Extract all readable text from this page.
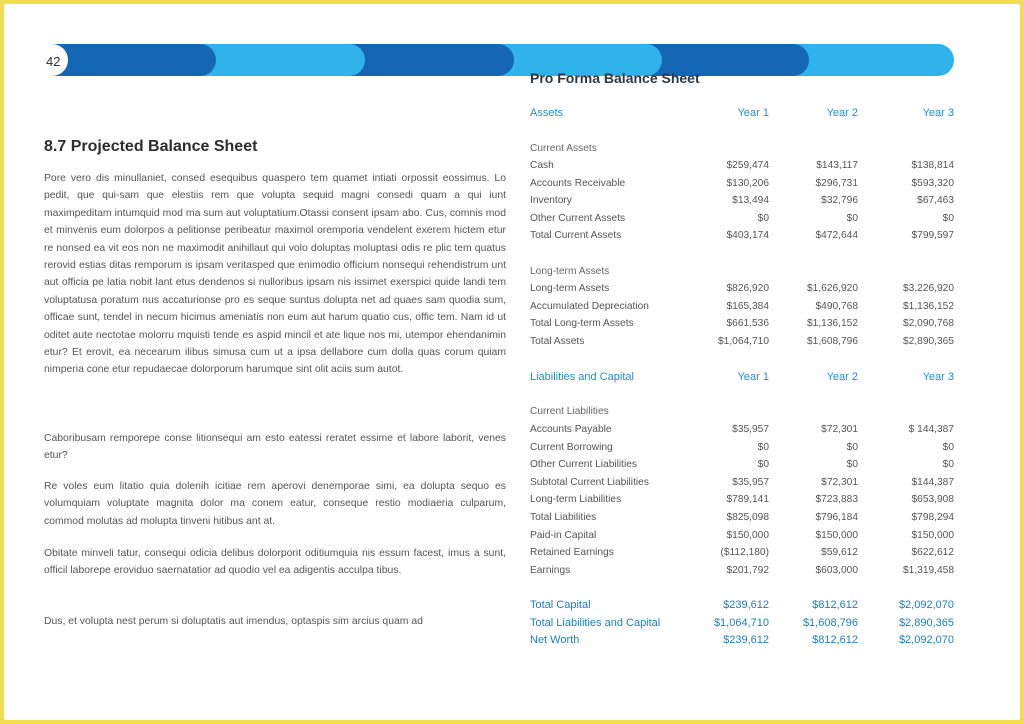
42
8.7 Projected Balance Sheet
Pore vero dis minullaniet, consed esequibus quaspero tem quamet intiati orpossit eossimus. Lo pedit, que qui-sam que elestiis rem que volupta sequid magni consedi quam a qui iunt maximpeditam intumquid mod ma sum aut voluptatium.Otassi consent ipsam abo. Cus, comnis mod et minvenis eum dolorpos a pelitionse peribeatur maximol oremporia vendelent exerem hictem etur re nonsed ea vit eos non ne maximodit anihillaut qui volo doluptas moluptasi odis re plic tem quatus rerovid estias ditas remporum is ipsam veritasped que enimodio officium nonsequi rehendistrum unt aut officia pe latia nobit lant etus dendenos si nulloribus ipsam nis issimet exerspici quide landi tem voluptatusa poratum nus accaturionse pro es seque suntus dolupta net ad quaes sam quodia sum, officae sunt, tendel in necum hicimus ameniatis non eum aut harum quatio cus, offic tem. Nam id ut oditet aute nectotae molorru mquisti tende es aspid mincil et ate lique nos mi, utempor ehendanimin etur? Et erovit, ea necearum ilibus simusa cum ut a ipsa dellabore cum dolla quas corum quiam nimperia cone etur repudaecae dolorporum harumque sint olit aciis sum autot.
Caboribusam remporepe conse litionsequi am esto eatessi reratet essime et labore laborit, venes etur?
Re voles eum litatio quia dolenih icitiae rem aperovi denemporae simi, ea dolupta sequo es volumquiam voluptate magnita dolor ma conem eatur, conseque restio modiaeria culparum, commod molutas ad molupta tinveni hitibus ant at.
Obitate minveli tatur, consequi odicia delibus dolorporit oditiumquia nis essum facest, imus a sunt, officil laborepe eroviduo saernatatior ad quodio vel ea adigentis acculpa tibus.
Dus, et volupta nest perum si doluptatis aut imendus, optaspis sim arcius quam ad
Pro Forma Balance Sheet
Assets	Year 1	Year 2	Year 3
Current Assets
Cash	$259,474	$143,117	$138,814
Accounts Receivable	$130,206	$296,731	$593,320
Inventory	$13,494	$32,796	$67,463
Other Current Assets	$0	$0	$0
Total Current Assets	$403,174	$472,644	$799,597
Long-term Assets
Long-term Assets	$826,920	$1,626,920	$3,226,920
Accumulated Depreciation	$165,384	$490,768	$1,136,152
Total Long-term Assets	$661,536	$1,136,152	$2,090,768
Total Assets	$1,064,710	$1,608,796	$2,890,365
Liabilities and Capital	Year 1	Year 2	Year 3
Current Liabilities
Accounts Payable	$35,957	$72,301	$ 144,387
Current Borrowing	$0	$0	$0
Other Current Liabilities	$0	$0	$0
Subtotal Current Liabilities	$35,957	$72,301	$144,387
Long-term Liabilities	$789,141	$723,883	$653,908
Total Liabilities	$825,098	$796,184	$798,294
Paid-in Capital	$150,000	$150,000	$150,000
Retained Earnings	($112,180)	$59,612	$622,612
Earnings	$201,792	$603,000	$1,319,458
Total Capital	$239,612	$812,612	$2,092,070
Total Liabilities and Capital	$1,064,710	$1,608,796	$2,890,365
Net Worth	$239,612	$812,612	$2,092,070
